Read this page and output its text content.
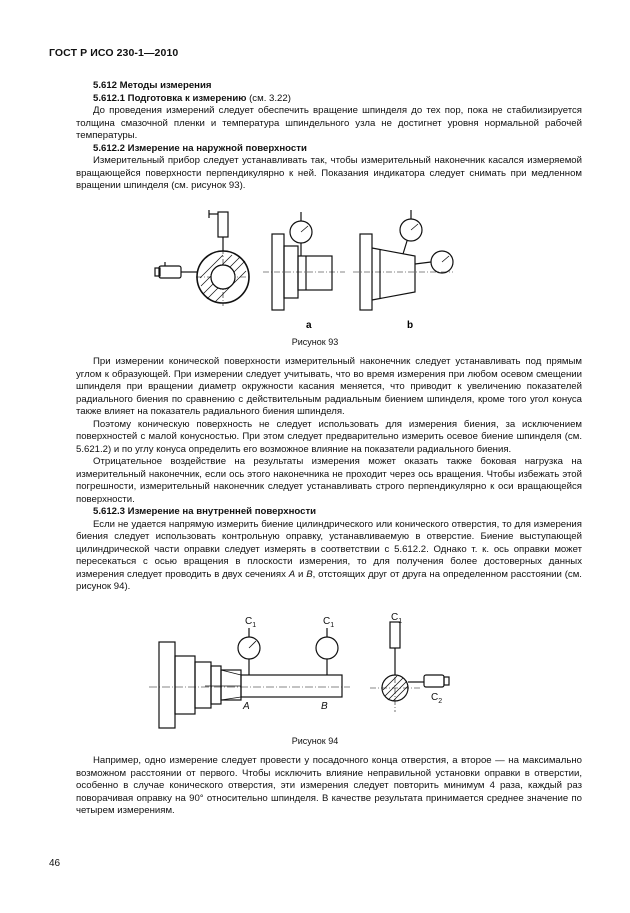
ГОСТ Р ИСО 230-1—2010

5.612 Методы измерения

5.612.1 Подготовка к измерению (см. 3.22)

До проведения измерений следует обеспечить вращение шпинделя до тех пор, пока не стабилизируется толщина смазочной пленки и температура шпиндельного узла не достигнет уровня нормальной рабочей температуры.

5.612.2 Измерение на наружной поверхности

Измерительный прибор следует устанавливать так, чтобы измерительный наконечник касался измеряемой вращающейся поверхности перпендикулярно к ней. Показания индикатора следует снимать при медленном вращении шпинделя (см. рисунок 93).

a	b
Рисунок 93

При измерении конической поверхности измерительный наконечник следует устанавливать под прямым углом к образующей. При измерении следует учитывать, что во время измерения при любом осевом смещении шпинделя при вращении диаметр окружности касания меняется, что приводит к увеличению показателей радиального биения по сравнению с действительным радиальным биением шпинделя, кроме того угол конуса также влияет на показатель радиального биения шпинделя.

Поэтому коническую поверхность не следует использовать для измерения биения, за исключением поверхностей с малой конусностью. При этом следует предварительно измерить осевое биение шпинделя (см. 5.621.2) и по углу конуса определить его возможное влияние на показатели радиального биения.

Отрицательное воздействие на результаты измерения может оказать также боковая нагрузка на измерительный наконечник, если ось этого наконечника не проходит через ось вращения. Чтобы избежать этой погрешности, измерительный наконечник следует устанавливать строго перпендикулярно к оси вращающейся поверхности.

5.612.3 Измерение на внутренней поверхности

Если не удается напрямую измерить биение цилиндрического или конического отверстия, то для измерения биения следует использовать контрольную оправку, устанавливаемую в отверстие. Биение выступающей цилиндрической части оправки следует измерять в соответствии с 5.612.2. Однако т. к. ось оправки может пересекаться с осью вращения в плоскости измерения, то для получения более достоверных данных измерения следует проводить в двух сечениях A и B, отстоящих друг от друга на определенном расстоянии (см. рисунок 94).

$C_1$	$C_1$
$C_1$
$C_2$
A	B
Рисунок 94

Например, одно измерение следует провести у посадочного конца отверстия, а второе — на максимально возможном расстоянии от первого. Чтобы исключить влияние неправильной установки оправки в отверстии, особенно в случае конического отверстия, эти измерения следует повторить минимум 4 раза, каждый раз поворачивая оправку на 90° относительно шпинделя. В качестве результата принимается среднее значение по четырем измерениям.

46
